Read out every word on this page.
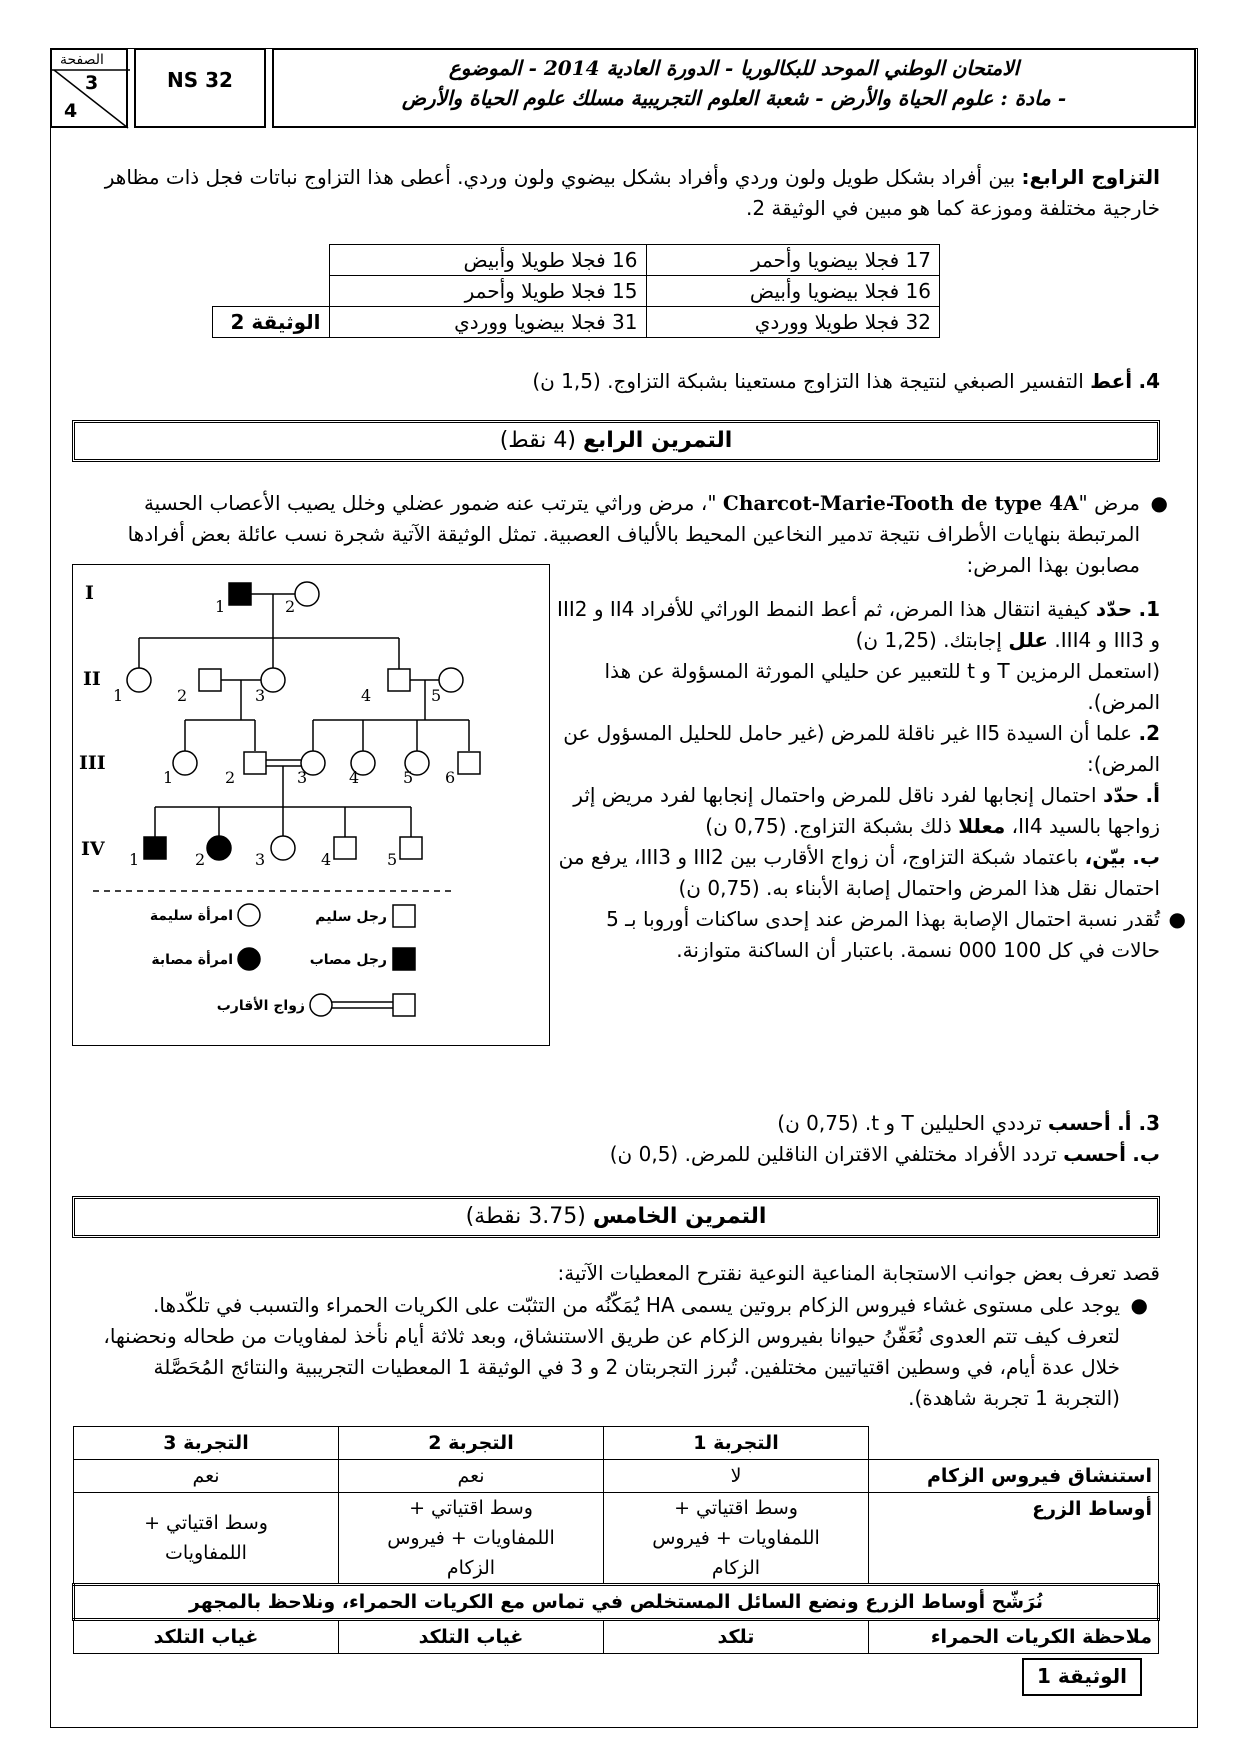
الصفحة
3
4
NS 32	الامتحان الوطني الموحد للبكالوريا - الدورة العادية 2014 - الموضوع
- مادة : علوم الحياة والأرض - شعبة العلوم التجريبية مسلك علوم الحياة والأرض
التزاوج الرابع: بين أفراد بشكل طويل ولون وردي وأفراد بشكل بيضوي ولون وردي. أعطى هذا التزاوج نباتات فجل ذات مظاهر خارجية مختلفة وموزعة كما هو مبين في الوثيقة 2.
	16 فجلا طويلا وأبيض	17 فجلا بيضويا وأحمر
	15 فجلا طويلا وأحمر	16 فجلا بيضويا وأبيض
الوثيقة 2	31 فجلا بيضويا ووردي	32 فجلا طويلا ووردي
4. أعط التفسير الصبغي لنتيجة هذا التزاوج مستعينا بشبكة التزاوج. (1,5 ن)
التمرين الرابع (4 نقط)
●
مرض "Charcot-Marie-Tooth de type 4A "، مرض وراثي يترتب عنه ضمور عضلي وخلل يصيب الأعصاب الحسية المرتبطة بنهايات الأطراف نتيجة تدمير النخاعين المحيط بالألياف العصبية. تمثل الوثيقة الآتية شجرة نسب عائلة بعض أفرادها مصابون بهذا المرض:
I
II
III
IV
1	2
1	2	3	4	5
1	2	3	4	5 6
1	2	3	4	5
امرأة سليمة	رجل سليم
امرأة مصابة	رجل مصاب
زواج الأقارب
1. حدّد كيفية انتقال هذا المرض، ثم أعط النمط الوراثي للأفراد II4 و III2 و III3 و III4. علل إجابتك. (1,25 ن)
(استعمل الرمزين T و t للتعبير عن حليلي المورثة المسؤولة عن هذا المرض).
2. علما أن السيدة II5 غير ناقلة للمرض (غير حامل للحليل المسؤول عن المرض):
أ. حدّد احتمال إنجابها لفرد ناقل للمرض واحتمال إنجابها لفرد مريض إثر زواجها بالسيد II4، معللا ذلك بشبكة التزاوج. (0,75 ن)
ب. بيّن، باعتماد شبكة التزاوج، أن زواج الأقارب بين III2 و III3، يرفع من احتمال نقل هذا المرض واحتمال إصابة الأبناء به. (0,75 ن)
●
تُقدر نسبة احتمال الإصابة بهذا المرض عند إحدى ساكنات أوروبا بـ 5 حالات في كل 100 000 نسمة. باعتبار أن الساكنة متوازنة.
3. أ. أحسب ترددي الحليلين T و t. (0,75 ن)
ب. أحسب تردد الأفراد مختلفي الاقتران الناقلين للمرض. (0,5 ن)
التمرين الخامس (3.75 نقطة)
قصد تعرف بعض جوانب الاستجابة المناعية النوعية نقترح المعطيات الآتية:
●
يوجد على مستوى غشاء فيروس الزكام بروتين يسمى HA يُمَكّنُه من التثبّت على الكريات الحمراء والتسبب في تلكّدها. لتعرف كيف تتم العدوى نُعَفّنُ حيوانا بفيروس الزكام عن طريق الاستنشاق، وبعد ثلاثة أيام نأخذ لمفاويات من طحاله ونحضنها، خلال عدة أيام، في وسطين اقتياتيين مختلفين. تُبرز التجربتان 2 و 3 في الوثيقة 1 المعطيات التجريبية والنتائج المُحَصَّلة (التجربة 1 تجربة شاهدة).
التجربة 3	التجربة 2	التجربة 1	
نعم	نعم	لا	استنشاق فيروس الزكام
وسط اقتياتي + اللمفاويات	وسط اقتياتي + اللمفاويات + فيروس الزكام	وسط اقتياتي + اللمفاويات + فيروس الزكام	أوساط الزرع
نُرَشّح أوساط الزرع ونضع السائل المستخلص في تماس مع الكريات الحمراء، ونلاحظ بالمجهر			
غياب التلكد	غياب التلكد	تلكد	ملاحظة الكريات الحمراء
الوثيقة 1
